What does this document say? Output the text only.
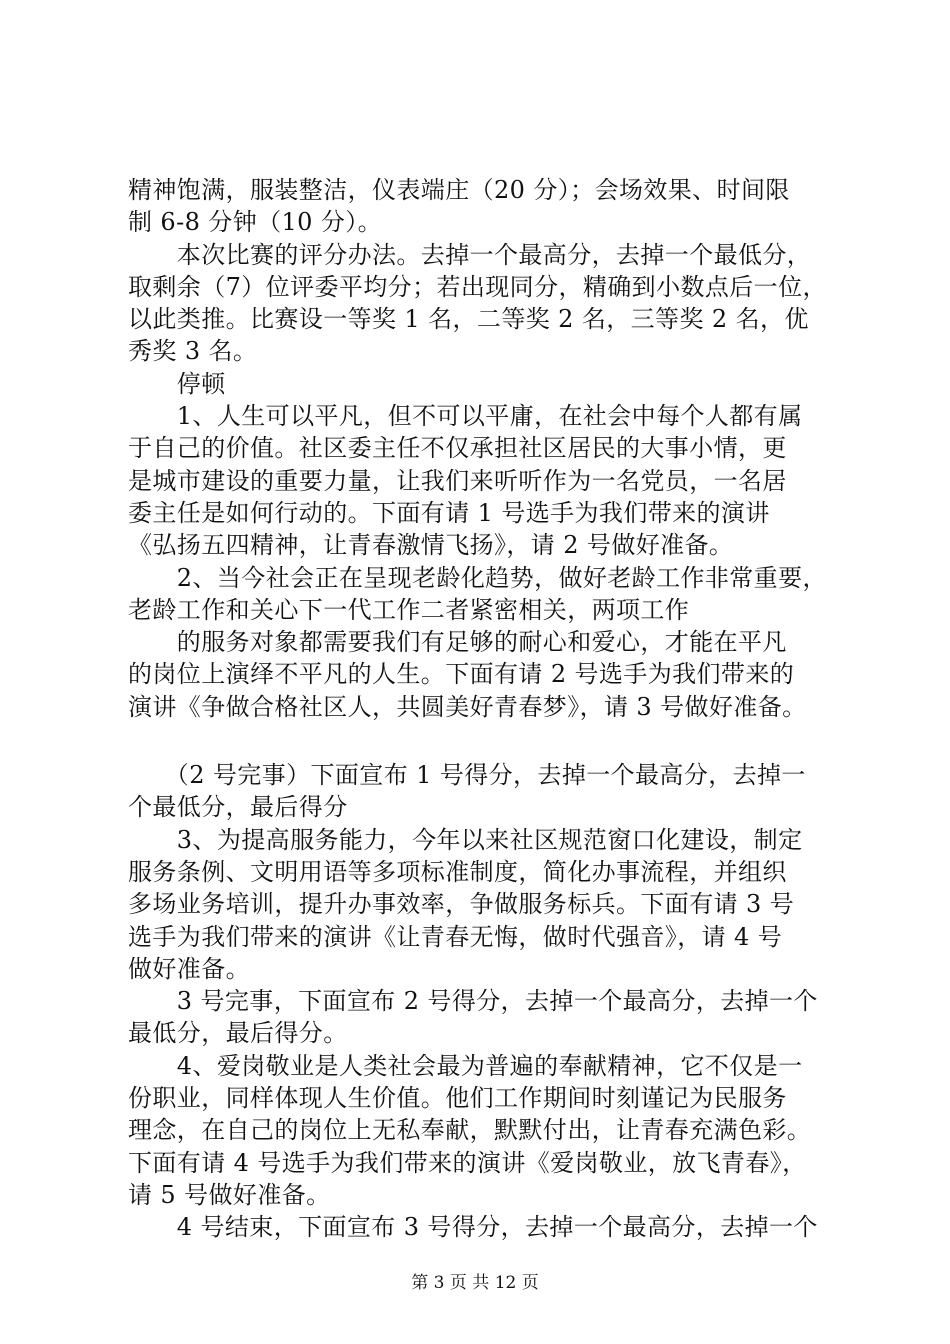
精神饱满，服装整洁，仪表端庄（20 分）；会场效果、时间限
制 6-8 分钟（10 分）。
　　本次比赛的评分办法。去掉一个最高分，去掉一个最低分，
取剩余（7）位评委平均分；若出现同分，精确到小数点后一位，
以此类推。比赛设一等奖 1 名，二等奖 2 名，三等奖 2 名，优
秀奖 3 名。
　　停顿
　　1、人生可以平凡，但不可以平庸，在社会中每个人都有属
于自己的价值。社区委主任不仅承担社区居民的大事小情，更
是城市建设的重要力量，让我们来听听作为一名党员，一名居
委主任是如何行动的。下面有请 1 号选手为我们带来的演讲
《弘扬五四精神，让青春激情飞扬》，请 2 号做好准备。
　　2、当今社会正在呈现老龄化趋势，做好老龄工作非常重要，
老龄工作和关心下一代工作二者紧密相关，两项工作
　　的服务对象都需要我们有足够的耐心和爱心，才能在平凡
的岗位上演绎不平凡的人生。下面有请 2 号选手为我们带来的
演讲《争做合格社区人，共圆美好青春梦》，请 3 号做好准备。
　　（2 号完事）下面宣布 1 号得分，去掉一个最高分，去掉一
个最低分，最后得分
　　3、为提高服务能力，今年以来社区规范窗口化建设，制定
服务条例、文明用语等多项标准制度，简化办事流程，并组织
多场业务培训，提升办事效率，争做服务标兵。下面有请 3 号
选手为我们带来的演讲《让青春无悔，做时代强音》，请 4 号
做好准备。
　　3 号完事，下面宣布 2 号得分，去掉一个最高分，去掉一个
最低分，最后得分。
　　4、爱岗敬业是人类社会最为普遍的奉献精神，它不仅是一
份职业，同样体现人生价值。他们工作期间时刻谨记为民服务
理念，在自己的岗位上无私奉献，默默付出，让青春充满色彩。
下面有请 4 号选手为我们带来的演讲《爱岗敬业，放飞青春》，
请 5 号做好准备。
　　4 号结束，下面宣布 3 号得分，去掉一个最高分，去掉一个
第 3 页 共 12 页
